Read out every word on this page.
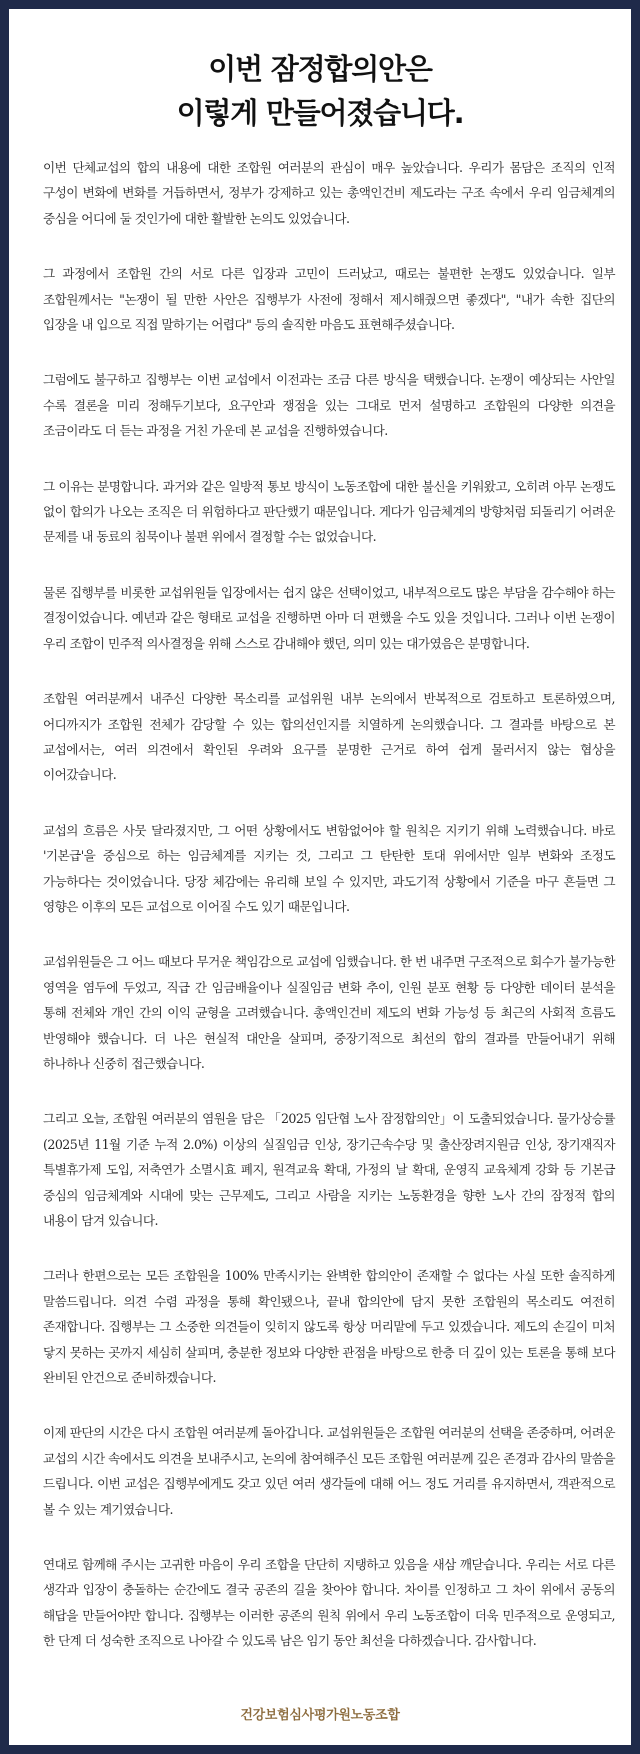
이번 잠정합의안은
이렇게 만들어졌습니다.

이번 단체교섭의 합의 내용에 대한 조합원 여러분의 관심이 매우 높았습니다. 우리가 몸담은 조직의 인적 구성이 변화에 변화를 거듭하면서, 정부가 강제하고 있는 총액인건비 제도라는 구조 속에서 우리 임금체계의 중심을 어디에 둘 것인가에 대한 활발한 논의도 있었습니다.

그 과정에서 조합원 간의 서로 다른 입장과 고민이 드러났고, 때로는 불편한 논쟁도 있었습니다. 일부 조합원께서는 "논쟁이 될 만한 사안은 집행부가 사전에 정해서 제시해줬으면 좋겠다", "내가 속한 집단의 입장을 내 입으로 직접 말하기는 어렵다" 등의 솔직한 마음도 표현해주셨습니다.

그럼에도 불구하고 집행부는 이번 교섭에서 이전과는 조금 다른 방식을 택했습니다. 논쟁이 예상되는 사안일 수록 결론을 미리 정해두기보다, 요구안과 쟁점을 있는 그대로 먼저 설명하고 조합원의 다양한 의견을 조금이라도 더 듣는 과정을 거친 가운데 본 교섭을 진행하였습니다.

그 이유는 분명합니다. 과거와 같은 일방적 통보 방식이 노동조합에 대한 불신을 키워왔고, 오히려 아무 논쟁도 없이 합의가 나오는 조직은 더 위험하다고 판단했기 때문입니다. 게다가 임금체계의 방향처럼 되돌리기 어려운 문제를 내 동료의 침묵이나 불편 위에서 결정할 수는 없었습니다.

물론 집행부를 비롯한 교섭위원들 입장에서는 쉽지 않은 선택이었고, 내부적으로도 많은 부담을 감수해야 하는 결정이었습니다. 예년과 같은 형태로 교섭을 진행하면 아마 더 편했을 수도 있을 것입니다. 그러나 이번 논쟁이 우리 조합이 민주적 의사결정을 위해 스스로 감내해야 했던, 의미 있는 대가였음은 분명합니다.

조합원 여러분께서 내주신 다양한 목소리를 교섭위원 내부 논의에서 반복적으로 검토하고 토론하였으며, 어디까지가 조합원 전체가 감당할 수 있는 합의선인지를 치열하게 논의했습니다. 그 결과를 바탕으로 본 교섭에서는, 여러 의견에서 확인된 우려와 요구를 분명한 근거로 하여 쉽게 물러서지 않는 협상을 이어갔습니다.

교섭의 흐름은 사뭇 달라졌지만, 그 어떤 상황에서도 변함없어야 할 원칙은 지키기 위해 노력했습니다. 바로 '기본급'을 중심으로 하는 임금체계를 지키는 것, 그리고 그 탄탄한 토대 위에서만 일부 변화와 조정도 가능하다는 것이었습니다. 당장 체감에는 유리해 보일 수 있지만, 과도기적 상황에서 기준을 마구 흔들면 그 영향은 이후의 모든 교섭으로 이어질 수도 있기 때문입니다.

교섭위원들은 그 어느 때보다 무거운 책임감으로 교섭에 임했습니다. 한 번 내주면 구조적으로 회수가 불가능한 영역을 염두에 두었고, 직급 간 임금배율이나 실질임금 변화 추이, 인원 분포 현황 등 다양한 데이터 분석을 통해 전체와 개인 간의 이익 균형을 고려했습니다. 총액인건비 제도의 변화 가능성 등 최근의 사회적 흐름도 반영해야 했습니다. 더 나은 현실적 대안을 살피며, 중장기적으로 최선의 합의 결과를 만들어내기 위해 하나하나 신중히 접근했습니다.

그리고 오늘, 조합원 여러분의 염원을 담은 「2025 임단협 노사 잠정합의안」이 도출되었습니다. 물가상승률(2025년 11월 기준 누적 2.0%) 이상의 실질임금 인상, 장기근속수당 및 출산장려지원금 인상, 장기재직자 특별휴가제 도입, 저축연가 소멸시효 폐지, 원격교육 확대, 가정의 날 확대, 운영직 교육체계 강화 등 기본급 중심의 임금체계와 시대에 맞는 근무제도, 그리고 사람을 지키는 노동환경을 향한 노사 간의 잠정적 합의 내용이 담겨 있습니다.

그러나 한편으로는 모든 조합원을 100% 만족시키는 완벽한 합의안이 존재할 수 없다는 사실 또한 솔직하게 말씀드립니다. 의견 수렴 과정을 통해 확인됐으나, 끝내 합의안에 담지 못한 조합원의 목소리도 여전히 존재합니다. 집행부는 그 소중한 의견들이 잊히지 않도록 항상 머리맡에 두고 있겠습니다. 제도의 손길이 미처 닿지 못하는 곳까지 세심히 살피며, 충분한 정보와 다양한 관점을 바탕으로 한층 더 깊이 있는 토론을 통해 보다 완비된 안건으로 준비하겠습니다.

이제 판단의 시간은 다시 조합원 여러분께 돌아갑니다. 교섭위원들은 조합원 여러분의 선택을 존중하며, 어려운 교섭의 시간 속에서도 의견을 보내주시고, 논의에 참여해주신 모든 조합원 여러분께 깊은 존경과 감사의 말씀을 드립니다. 이번 교섭은 집행부에게도 갖고 있던 여러 생각들에 대해 어느 정도 거리를 유지하면서, 객관적으로 볼 수 있는 계기였습니다.

연대로 함께해 주시는 고귀한 마음이 우리 조합을 단단히 지탱하고 있음을 새삼 깨닫습니다. 우리는 서로 다른 생각과 입장이 충돌하는 순간에도 결국 공존의 길을 찾아야 합니다. 차이를 인정하고 그 차이 위에서 공동의 해답을 만들어야만 합니다. 집행부는 이러한 공존의 원칙 위에서 우리 노동조합이 더욱 민주적으로 운영되고, 한 단계 더 성숙한 조직으로 나아갈 수 있도록 남은 임기 동안 최선을 다하겠습니다. 감사합니다.

건강보험심사평가원노동조합
